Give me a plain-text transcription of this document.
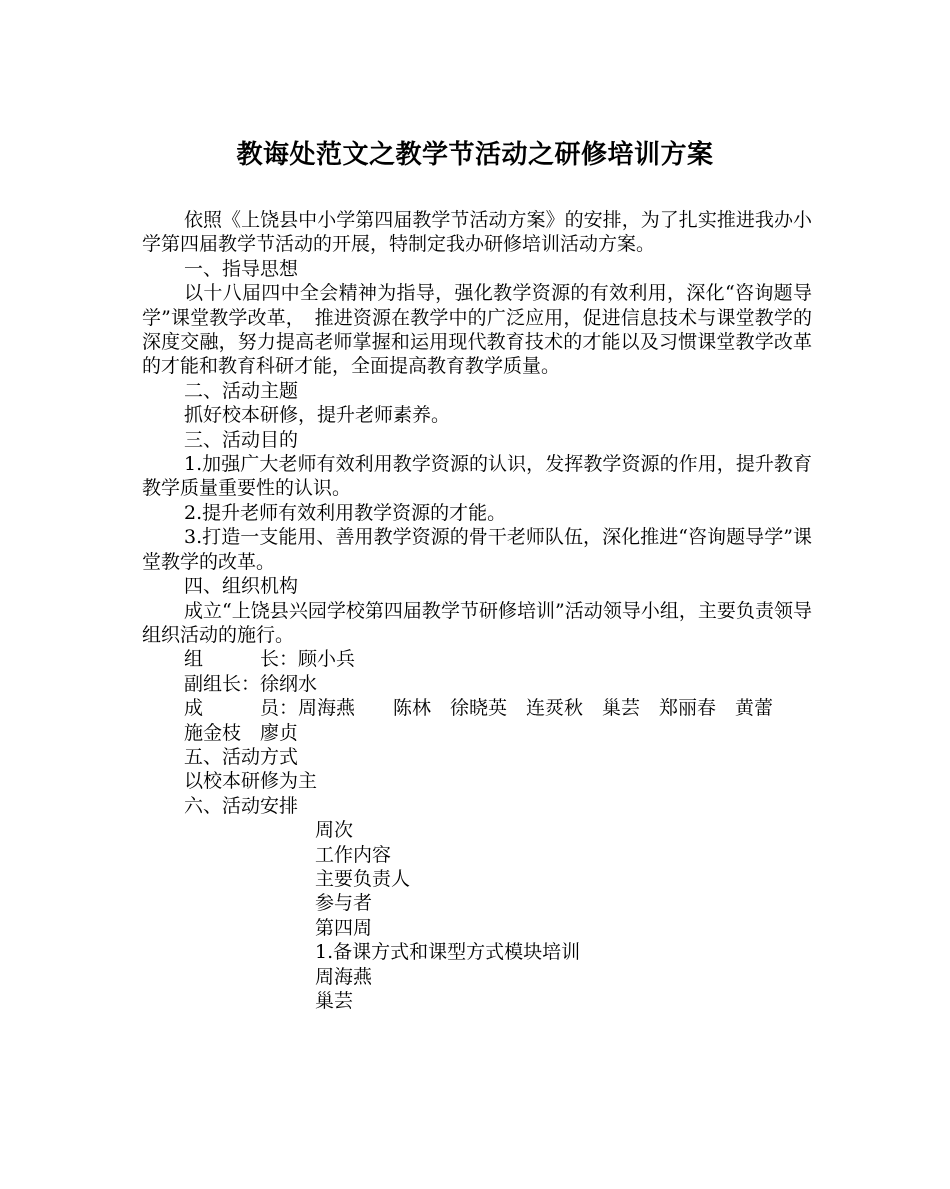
教诲处范文之教学节活动之研修培训方案

依照《上饶县中小学第四届教学节活动方案》的安排，为了扎实推进我办小学第四届教学节活动的开展，特制定我办研修培训活动方案。

一、指导思想

以十八届四中全会精神为指导，强化教学资源的有效利用，深化“咨询题导学”课堂教学改革，　推进资源在教学中的广泛应用，促进信息技术与课堂教学的深度交融，努力提高老师掌握和运用现代教育技术的才能以及习惯课堂教学改革的才能和教育科研才能，全面提高教育教学质量。

二、活动主题

抓好校本研修，提升老师素养。

三、活动目的

1.加强广大老师有效利用教学资源的认识，发挥教学资源的作用，提升教育教学质量重要性的认识。

2.提升老师有效利用教学资源的才能。

3.打造一支能用、善用教学资源的骨干老师队伍，深化推进“咨询题导学”课堂教学的改革。

四、组织机构

成立“上饶县兴园学校第四届教学节研修培训”活动领导小组，主要负责领导组织活动的施行。

组　　　长：顾小兵

副组长：徐纲水

成　　　员：周海燕　　陈林　徐晓英　连烎秋　巢芸　郑丽春　黄蕾

施金枝　廖贞

五、活动方式

以校本研修为主

六、活动安排

周次

工作内容

主要负责人

参与者

第四周

1.备课方式和课型方式模块培训

周海燕

巢芸
